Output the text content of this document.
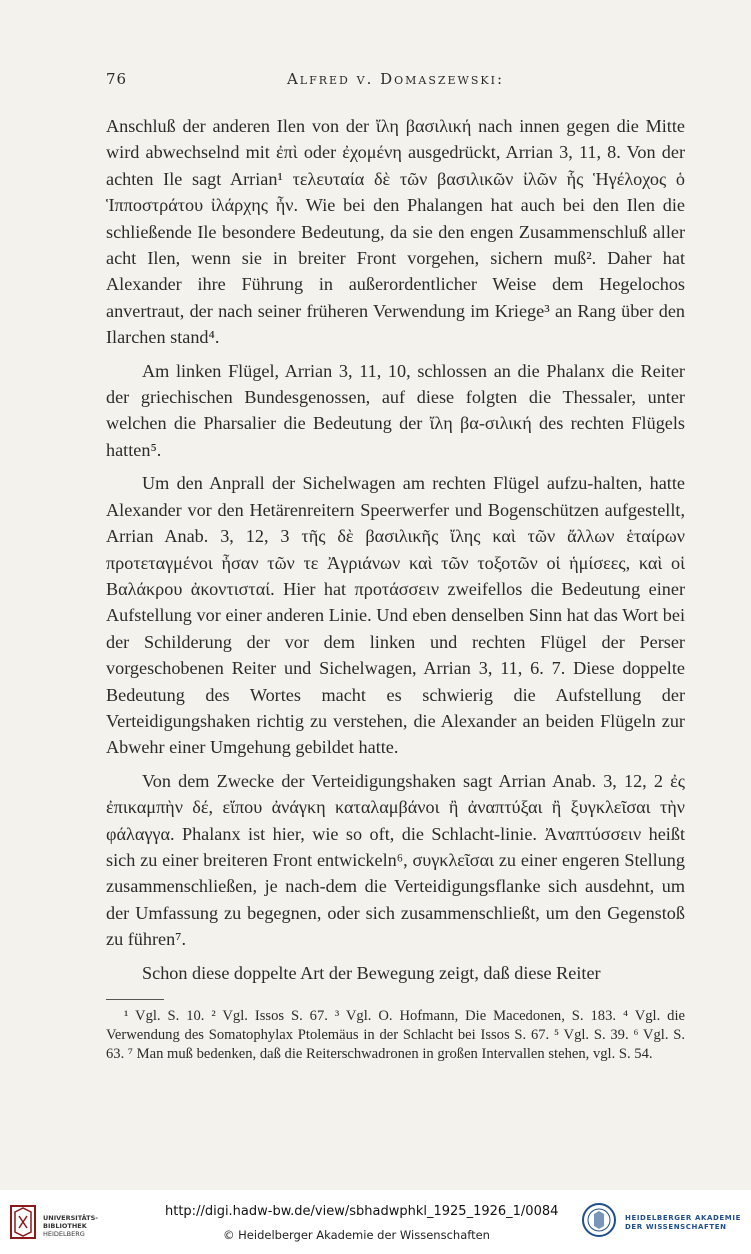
76	Alfred v. Domaszewski:

Anschluß der anderen Ilen von der ἴλη βασιλική nach innen gegen die Mitte wird abwechselnd mit ἐπὶ oder ἐχομένη ausgedrückt, Arrian 3, 11, 8. Von der achten Ile sagt Arrian¹ τελευταία δὲ τῶν βασιλικῶν ἰλῶν ἧς Ἡγέλοχος ὁ Ἱπποστράτου ἰλάρχης ἦν. Wie bei den Phalangen hat auch bei den Ilen die schließende Ile besondere Bedeutung, da sie den engen Zusammenschluß aller acht Ilen, wenn sie in breiter Front vorgehen, sichern muß². Daher hat Alexander ihre Führung in außerordentlicher Weise dem Hegelochos anvertraut, der nach seiner früheren Verwendung im Kriege³ an Rang über den Ilarchen stand⁴.

Am linken Flügel, Arrian 3, 11, 10, schlossen an die Phalanx die Reiter der griechischen Bundesgenossen, auf diese folgten die Thessaler, unter welchen die Pharsalier die Bedeutung der ἴλη βα-σιλική des rechten Flügels hatten⁵.

Um den Anprall der Sichelwagen am rechten Flügel aufzu-halten, hatte Alexander vor den Hetärenreitern Speerwerfer und Bogenschützen aufgestellt, Arrian Anab. 3, 12, 3 τῆς δὲ βασιλικῆς ἴλης καὶ τῶν ἄλλων ἑταίρων προτεταγμένοι ἦσαν τῶν τε Ἀγριάνων καὶ τῶν τοξοτῶν οἱ ἡμίσεες, καὶ οἱ Βαλάκρου ἀκοντισταί. Hier hat προτάσσειν zweifellos die Bedeutung einer Aufstellung vor einer anderen Linie. Und eben denselben Sinn hat das Wort bei der Schilderung der vor dem linken und rechten Flügel der Perser vorgeschobenen Reiter und Sichelwagen, Arrian 3, 11, 6. 7. Diese doppelte Bedeutung des Wortes macht es schwierig die Aufstellung der Verteidigungshaken richtig zu verstehen, die Alexander an beiden Flügeln zur Abwehr einer Umgehung gebildet hatte.

Von dem Zwecke der Verteidigungshaken sagt Arrian Anab. 3, 12, 2 ἐς ἐπικαμπὴν δέ, εἴπου ἀνάγκη καταλαμβάνοι ἢ ἀναπτύξαι ἢ ξυγκλεῖσαι τὴν φάλαγγα. Phalanx ist hier, wie so oft, die Schlacht-linie. Ἀναπτύσσειν heißt sich zu einer breiteren Front entwickeln⁶, συγκλεῖσαι zu einer engeren Stellung zusammenschließen, je nach-dem die Verteidigungsflanke sich ausdehnt, um der Umfassung zu begegnen, oder sich zusammenschließt, um den Gegenstoß zu führen⁷.

Schon diese doppelte Art der Bewegung zeigt, daß diese Reiter

¹ Vgl. S. 10. ² Vgl. Issos S. 67. ³ Vgl. O. Hofmann, Die Macedonen, S. 183. ⁴ Vgl. die Verwendung des Somatophylax Ptolemäus in der Schlacht bei Issos S. 67. ⁵ Vgl. S. 39. ⁶ Vgl. S. 63. ⁷ Man muß bedenken, daß die Reiterschwadronen in großen Intervallen stehen, vgl. S. 54.

UNIVERSITÄTS-
BIBLIOTHEK
HEIDELBERG
http://digi.hadw-bw.de/view/sbhadwphkl_1925_1926_1/0084
© Heidelberger Akademie der Wissenschaften
HEIDELBERGER AKADEMIE
DER WISSENSCHAFTEN
